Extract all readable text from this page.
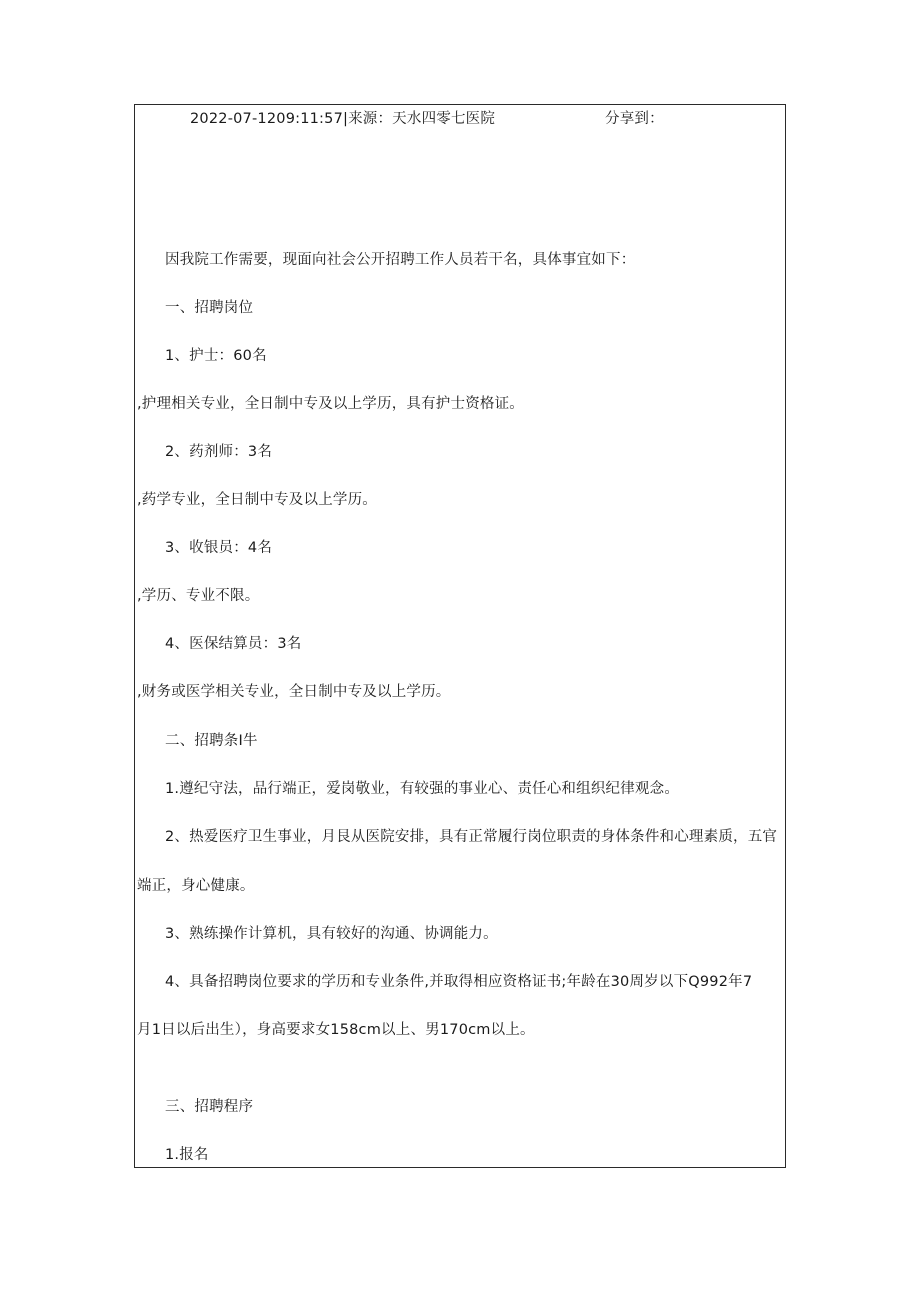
2022-07-1209:11:57|来源：天水四零七医院	分享到：
因我院工作需要，现面向社会公开招聘工作人员若干名，具体事宜如下：
一、招聘岗位
1、护士：60名
,护理相关专业，全日制中专及以上学历，具有护士资格证。
2、药剂师：3名
,药学专业，全日制中专及以上学历。
3、收银员：4名
,学历、专业不限。
4、医保结算员：3名
,财务或医学相关专业，全日制中专及以上学历。
二、招聘条I牛
1.遵纪守法，品行端正，爱岗敬业，有较强的事业心、责任心和组织纪律观念。
2、热爱医疗卫生事业，月艮从医院安排，具有正常履行岗位职责的身体条件和心理素质，五官
端正，身心健康。
3、熟练操作计算机，具有较好的沟通、协调能力。
4、具备招聘岗位要求的学历和专业条件,并取得相应资格证书;年龄在30周岁以下Q992年7
月1日以后出生），身高要求女158cm以上、男170cm以上。
三、招聘程序
1.报名
